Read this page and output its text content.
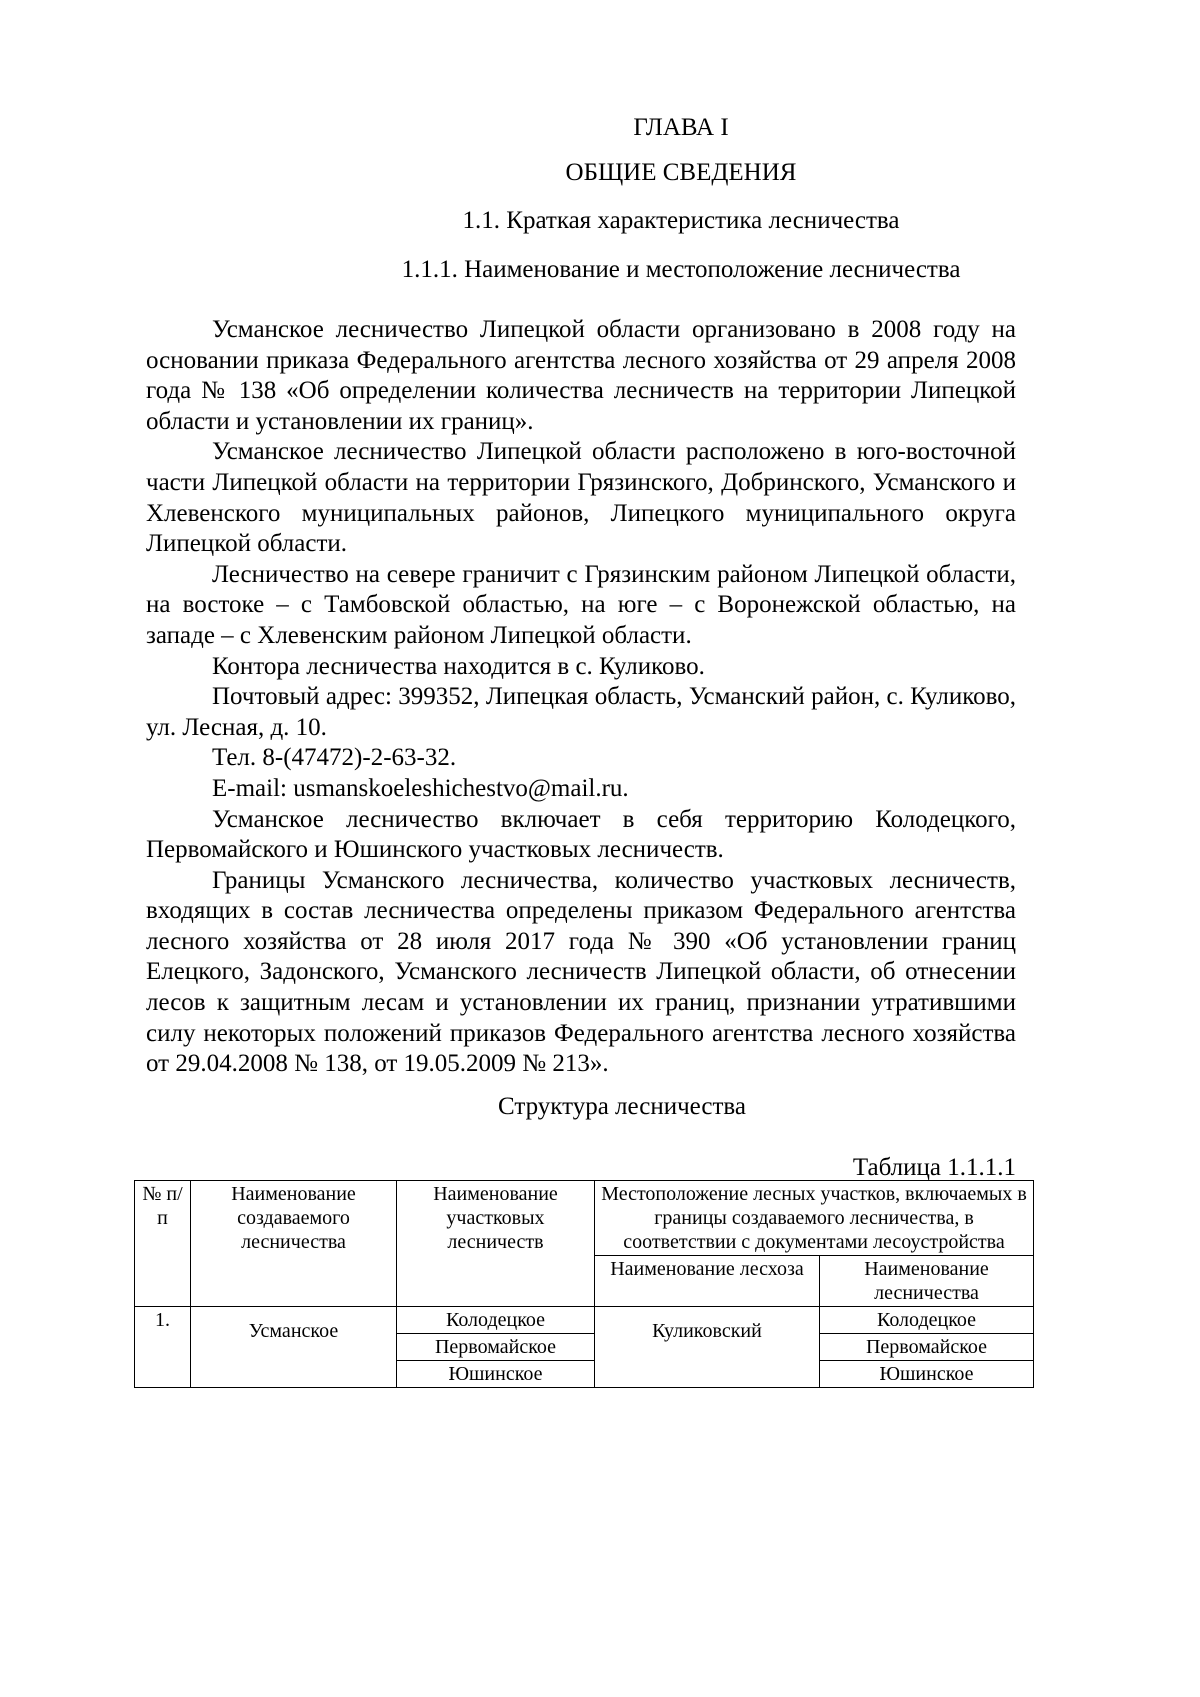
ГЛАВА I
ОБЩИЕ СВЕДЕНИЯ
1.1. Краткая характеристика лесничества
1.1.1. Наименование и местоположение лесничества

Усманское лесничество Липецкой области организовано в 2008 году на основании приказа Федерального агентства лесного хозяйства от 29 апреля 2008 года № 138 «Об определении количества лесничеств на территории Липецкой области и установлении их границ».

Усманское лесничество Липецкой области расположено в юго-восточной части Липецкой области на территории Грязинского, Добринского, Усманского и Хлевенского муниципальных районов, Липецкого муниципального округа Липецкой области.

Лесничество на севере граничит с Грязинским районом Липецкой области, на востоке – с Тамбовской областью, на юге – с Воронежской областью, на западе – с Хлевенским районом Липецкой области.

Контора лесничества находится в с. Куликово.

Почтовый адрес: 399352, Липецкая область, Усманский район, с. Куликово, ул. Лесная, д. 10.

Тел. 8-(47472)-2-63-32.

E-mail: usmanskoeleshichestvo@mail.ru.

Усманское лесничество включает в себя территорию Колодецкого, Первомайского и Юшинского участковых лесничеств.

Границы Усманского лесничества, количество участковых лесничеств, входящих в состав лесничества определены приказом Федерального агентства лесного хозяйства от 28 июля 2017 года № 390 «Об установлении границ Елецкого, Задонского, Усманского лесничеств Липецкой области, об отнесении лесов к защитным лесам и установлении их границ, признании утратившими силу некоторых положений приказов Федерального агентства лесного хозяйства от 29.04.2008 № 138, от 19.05.2009 № 213».

Структура лесничества
Таблица 1.1.1.1
№ п/п	Наименование создаваемого лесничества	Наименование участковых лесничеств	Местоположение лесных участков, включаемых в границы создаваемого лесничества, в соответствии с документами лесоустройства	
			Наименование лесхоза	Наименование лесничества
1.	Усманское	Колодецкое	Куликовский	Колодецкое
		Первомайское		Первомайское
		Юшинское		Юшинское
